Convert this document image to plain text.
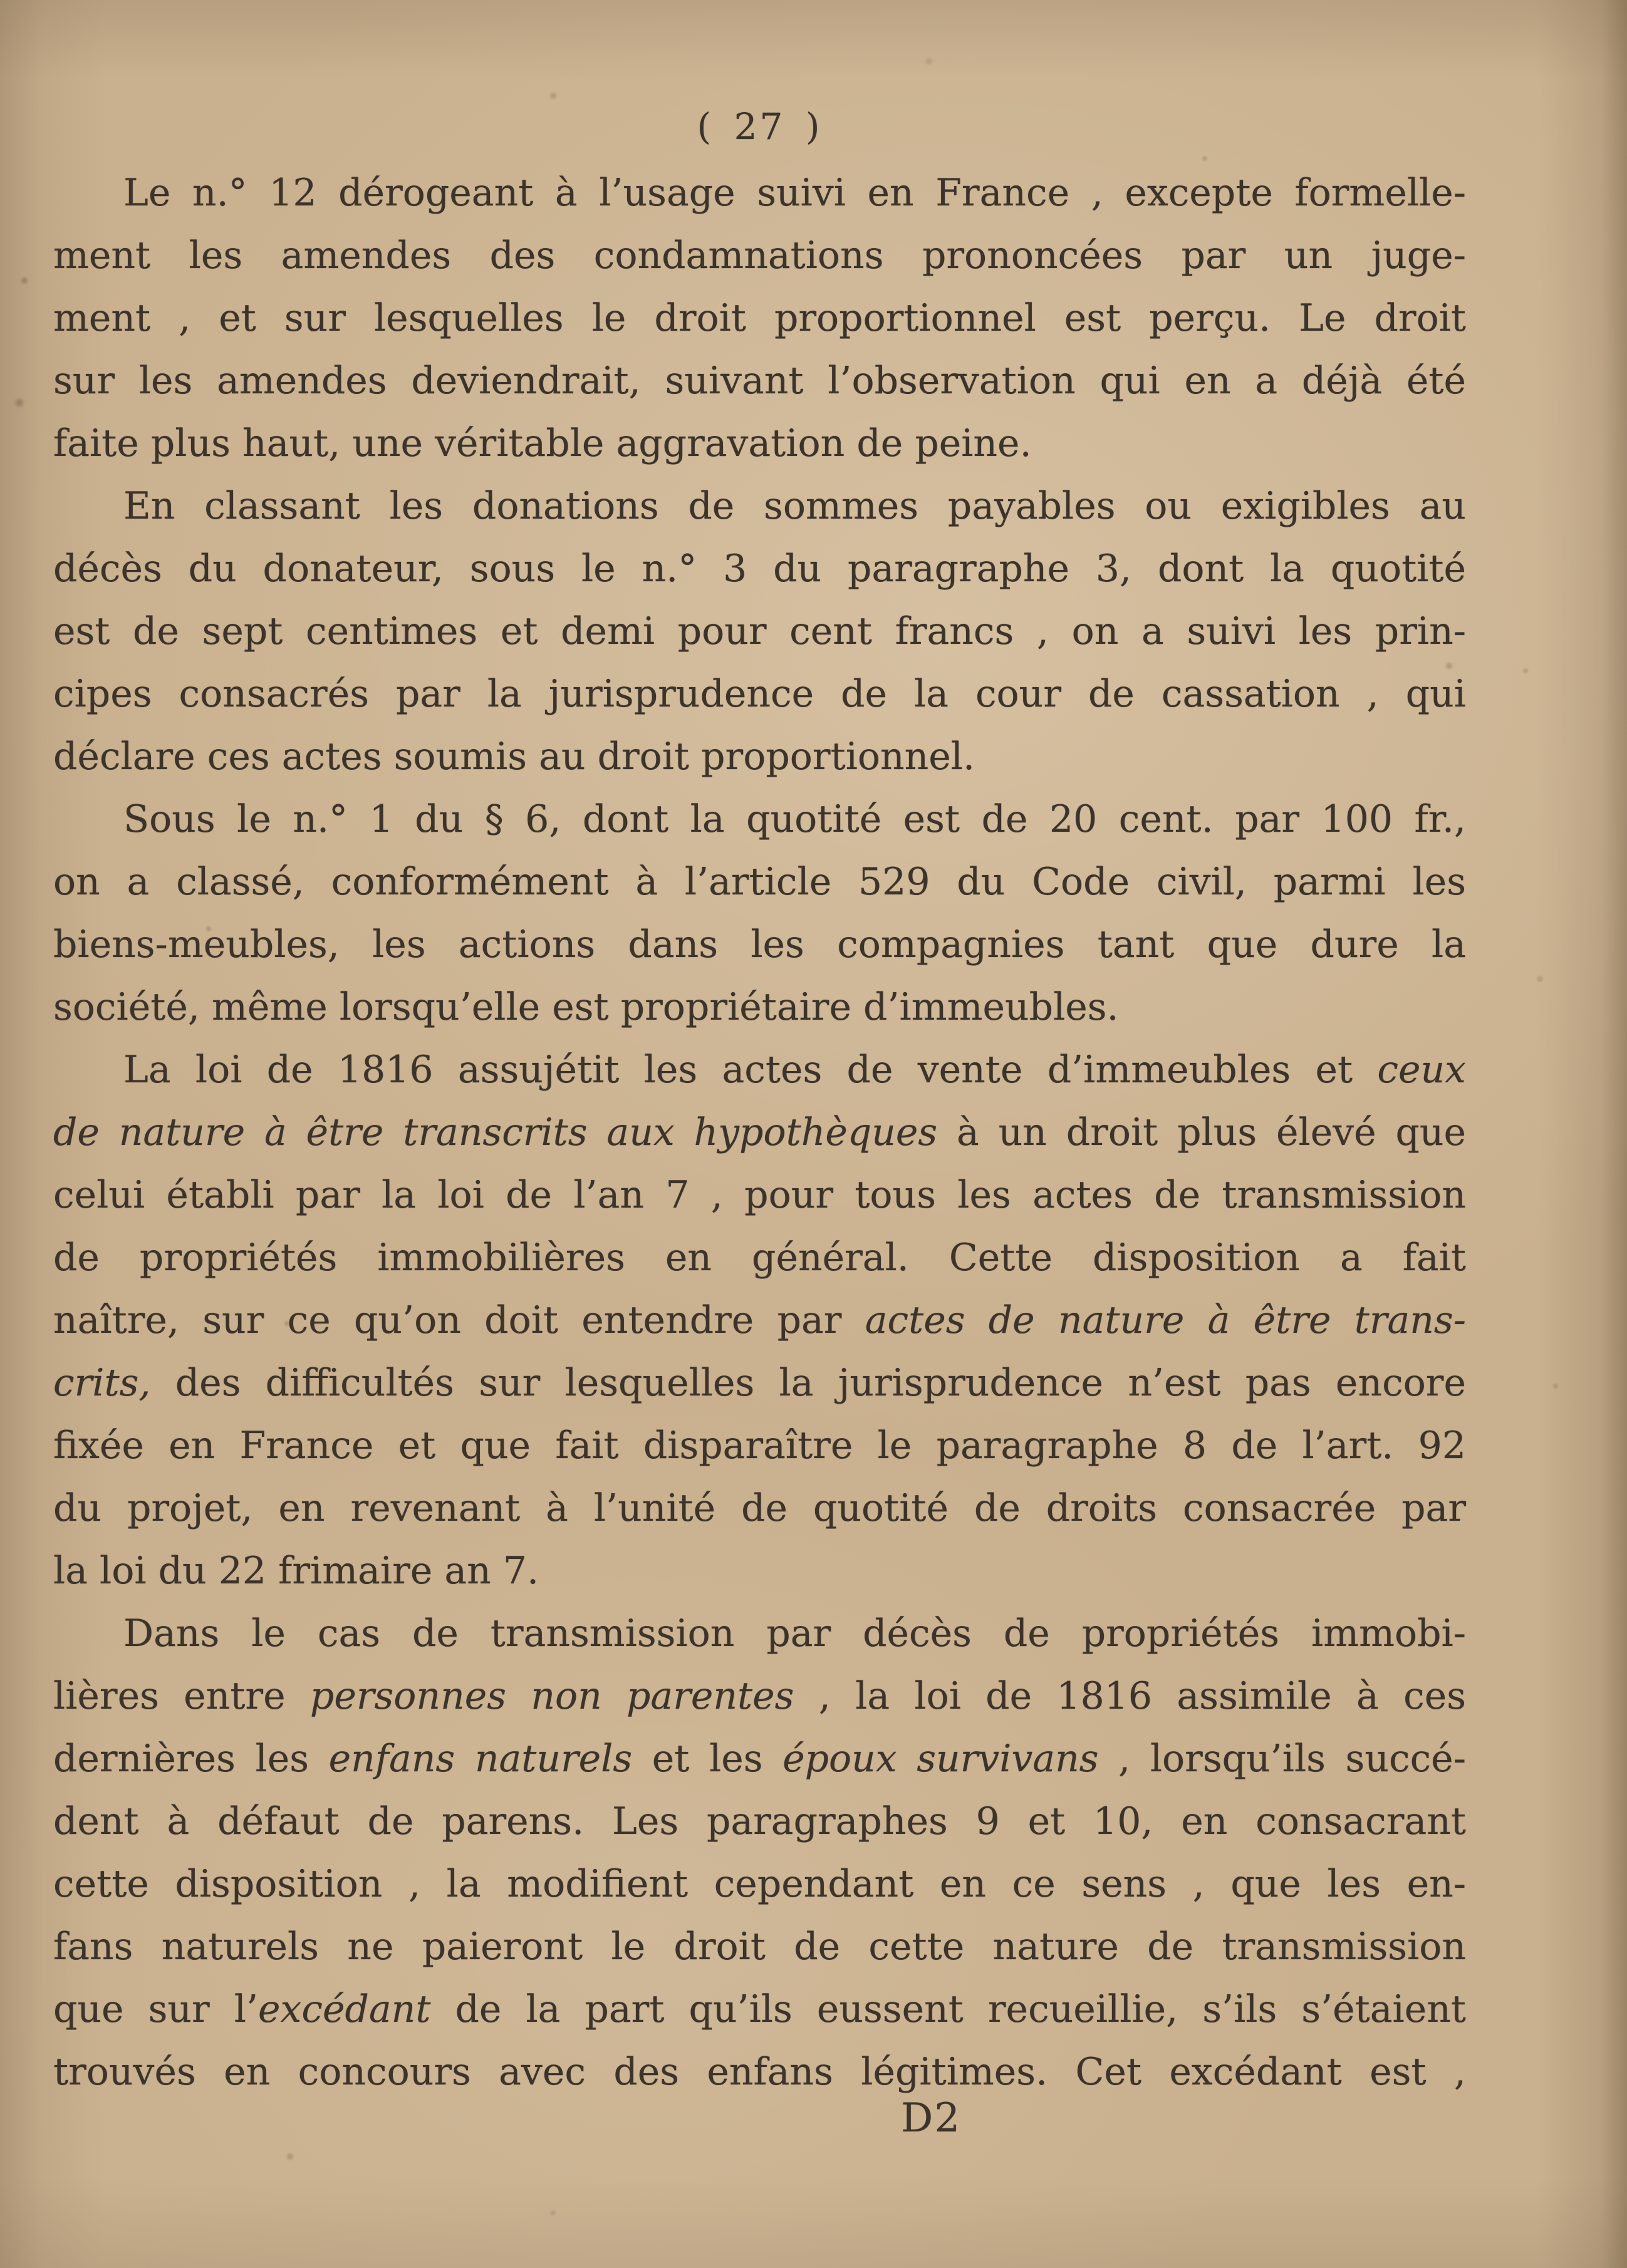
( 27 )
Le n.° 12 dérogeant à l’usage suivi en France , excepte formelle-
ment les amendes des condamnations prononcées par un juge-
ment , et sur lesquelles le droit proportionnel est perçu. Le droit
sur les amendes deviendrait, suivant l’observation qui en a déjà été
faite plus haut, une véritable aggravation de peine.
En classant les donations de sommes payables ou exigibles au
décès du donateur, sous le n.° 3 du paragraphe 3, dont la quotité
est de sept centimes et demi pour cent francs , on a suivi les prin-
cipes consacrés par la jurisprudence de la cour de cassation , qui
déclare ces actes soumis au droit proportionnel.
Sous le n.° 1 du § 6, dont la quotité est de 20 cent. par 100 fr.,
on a classé, conformément à l’article 529 du Code civil, parmi les
biens-meubles, les actions dans les compagnies tant que dure la
société, même lorsqu’elle est propriétaire d’immeubles.
La loi de 1816 assujétit les actes de vente d’immeubles et ceux
de nature à être transcrits aux hypothèques à un droit plus élevé que
celui établi par la loi de l’an 7 , pour tous les actes de transmission
de propriétés immobilières en général. Cette disposition a fait
naître, sur ce qu’on doit entendre par actes de nature à être trans-
crits, des difficultés sur lesquelles la jurisprudence n’est pas encore
fixée en France et que fait disparaître le paragraphe 8 de l’art. 92
du projet, en revenant à l’unité de quotité de droits consacrée par
la loi du 22 frimaire an 7.
Dans le cas de transmission par décès de propriétés immobi-
lières entre personnes non parentes , la loi de 1816 assimile à ces
dernières les enfans naturels et les époux survivans , lorsqu’ils succé-
dent à défaut de parens. Les paragraphes 9 et 10, en consacrant
cette disposition , la modifient cependant en ce sens , que les en-
fans naturels ne paieront le droit de cette nature de transmission
que sur l’excédant de la part qu’ils eussent recueillie, s’ils s’étaient
trouvés en concours avec des enfans légitimes. Cet excédant est ,
D2
